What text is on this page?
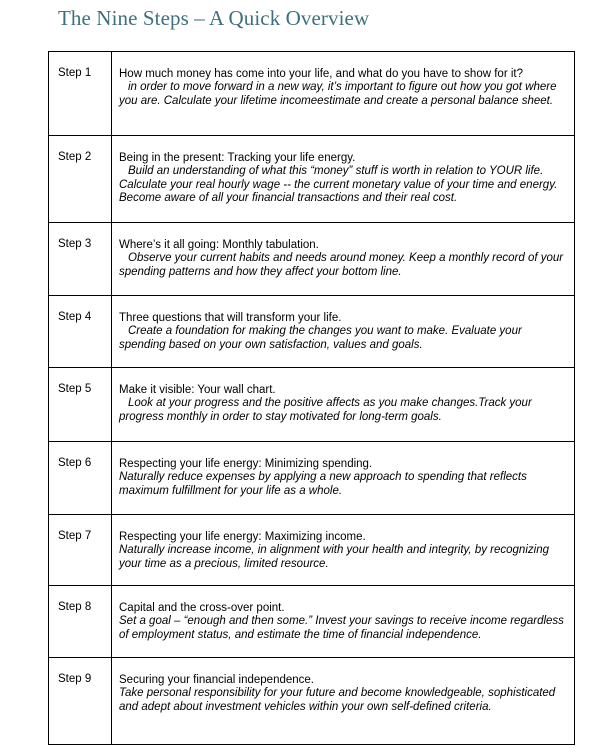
The Nine Steps – A Quick Overview
Step 1	How much money has come into your life, and what do you have to show for it?
in order to move forward in a new way, it’s important to figure out how you got where you are. Calculate your lifetime incomeestimate and create a personal balance sheet.

Step 2	Being in the present: Tracking your life energy.
Build an understanding of what this “money” stuff is worth in relation to YOUR life. Calculate your real hourly wage -- the current monetary value of your time and energy. Become aware of all your financial transactions and their real cost.

Step 3	Where’s it all going: Monthly tabulation.
Observe your current habits and needs around money. Keep a monthly record of your spending patterns and how they affect your bottom line.

Step 4	Three questions that will transform your life.
Create a foundation for making the changes you want to make. Evaluate your spending based on your own satisfaction, values and goals.

Step 5	Make it visible: Your wall chart.
Look at your progress and the positive affects as you make changes.Track your progress monthly in order to stay motivated for long-term goals.

Step 6	Respecting your life energy: Minimizing spending.
Naturally reduce expenses by applying a new approach to spending that reflects maximum fulfillment for your life as a whole.

Step 7	Respecting your life energy: Maximizing income.
Naturally increase income, in alignment with your health and integrity, by recognizing your time as a precious, limited resource.

Step 8	Capital and the cross-over point.
Set a goal – “enough and then some.” Invest your savings to receive income regardless of employment status, and estimate the time of financial independence.

Step 9	Securing your financial independence.
Take personal responsibility for your future and become knowledgeable, sophisticated and adept about investment vehicles within your own self-defined criteria.
